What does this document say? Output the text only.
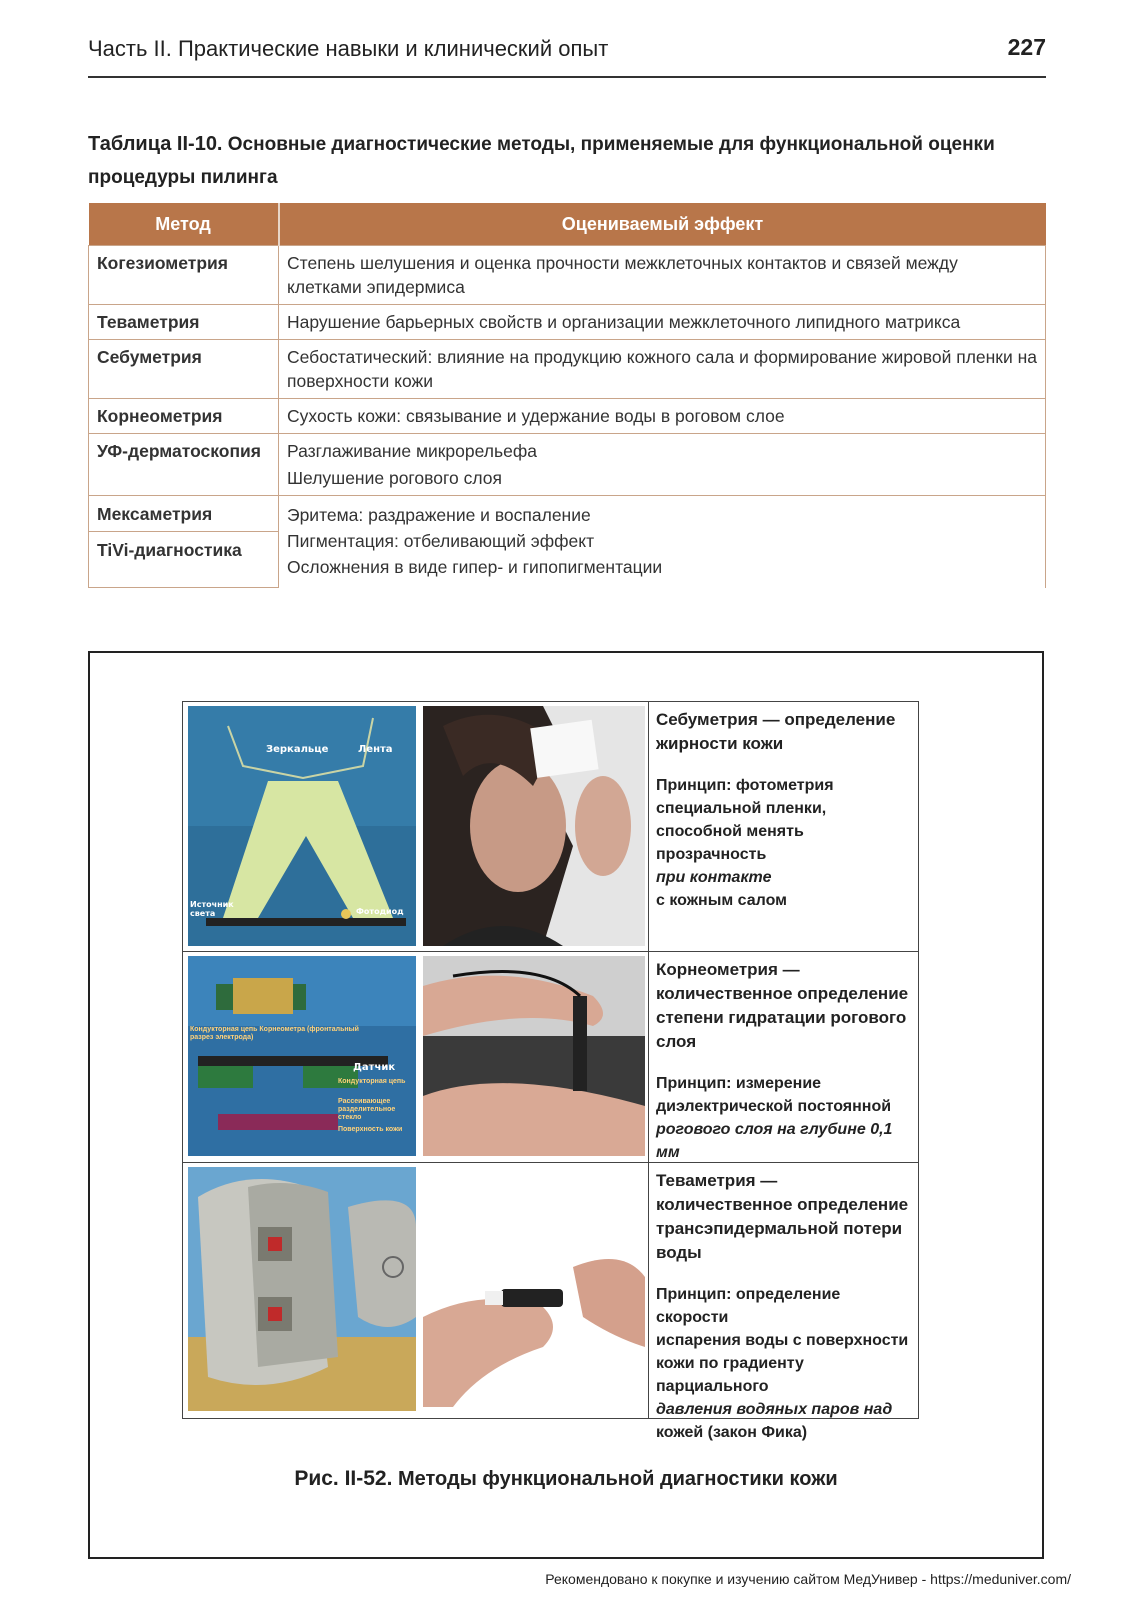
Часть II. Практические навыки и клинический опыт	227
Таблица II-10. Основные диагностические методы, применяемые для функциональной оценки процедуры пилинга
Метод	Оцениваемый эффект
Когезиометрия	Степень шелушения и оценка прочности межклеточных контактов и связей между клетками эпидермиса
Теваметрия	Нарушение барьерных свойств и организации межклеточного липидного матрикса
Себуметрия	Себостатический: влияние на продукцию кожного сала и формирование жировой пленки на поверхности кожи
Корнеометрия	Сухость кожи: связывание и удержание воды в роговом слое
УФ-дерматоскопия	Разглаживание микрорельефа
Шелушение рогового слоя

Мексаметрия	Эритема: раздражение и воспаление
Пигментация: отбеливающий эффект
Осложнения в виде гипер- и гипопигментации

TiVi-диагностика	
Зеркальце	Лента
Источник света	Фотодиод
Себуметрия — определение жирности кожи
Принцип: фотометрия
специальной пленки,
способной менять прозрачность
при контакте
с кожным салом
Кондукторная цепь Корнеометра (фронтальный разрез электрода)
Датчик
Кондукторная цепь
Рассеивающее разделительное стекло
Поверхность кожи
Корнеометрия — количественное определение степени гидратации рогового слоя
Принцип: измерение
диэлектрической постоянной
рогового слоя на глубине 0,1 мм
Теваметрия — количественное определение трансэпидермальной потери воды
Принцип: определение скорости
испарения воды с поверхности
кожи по градиенту парциального
давления водяных паров над
кожей (закон Фика)
Рис. II-52. Методы функциональной диагностики кожи
Рекомендовано к покупке и изучению сайтом МедУнивер - https://meduniver.com/
